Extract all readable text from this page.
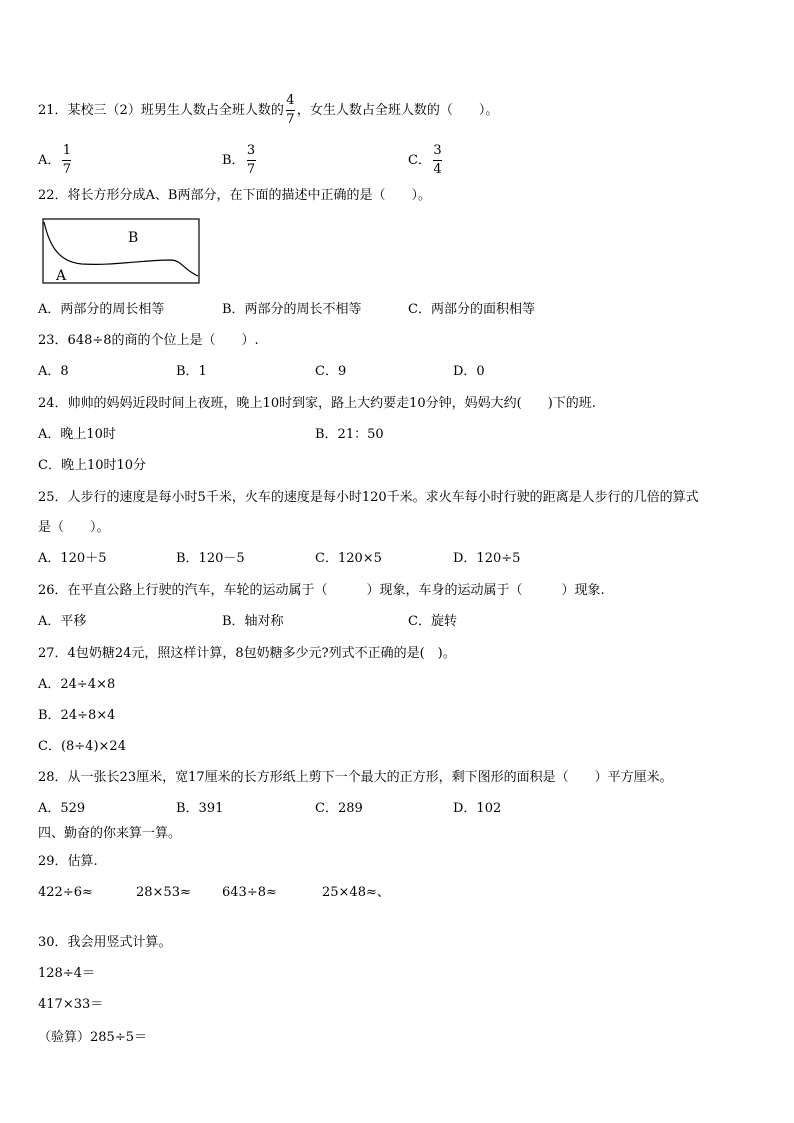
21．某校三（2）班男生人数占全班人数的 $\frac{4}{7}$ ，女生人数占全班人数的（　　）。
A． $\frac{1}{7}$	B． $\frac{3}{7}$	C． $\frac{3}{4}$
22．将长方形分成A、B两部分，在下面的描述中正确的是（　　）。
B
A
A．两部分的周长相等	B．两部分的周长不相等	C．两部分的面积相等
23．648÷8的商的个位上是（　　）.
A．8	B．1	C．9	D．0
24．帅帅的妈妈近段时间上夜班，晚上10时到家，路上大约要走10分钟，妈妈大约(　　)下的班.
A．晚上10时	B．21：50
C．晚上10时10分
25．人步行的速度是每小时5千米，火车的速度是每小时120千米。求火车每小时行驶的距离是人步行的几倍的算式
是（　　）。
A．120＋5	B．120－5	C．120×5	D．120÷5
26．在平直公路上行驶的汽车，车轮的运动属于（　　　）现象，车身的运动属于（　　　）现象.
A．平移	B．轴对称	C．旋转
27．4包奶糖24元，照这样计算，8包奶糖多少元?列式不正确的是(　)。
A．24÷4×8
B．24÷8×4
C．(8÷4)×24
28．从一张长23厘米，宽17厘米的长方形纸上剪下一个最大的正方形，剩下图形的面积是（　　）平方厘米。
A．529	B．391	C．289	D．102
四、勤奋的你来算一算。
29．估算.
422÷6≈	28×53≈ 643÷8≈	25×48≈、
30．我会用竖式计算。
128÷4＝
417×33＝
（验算）285÷5＝
